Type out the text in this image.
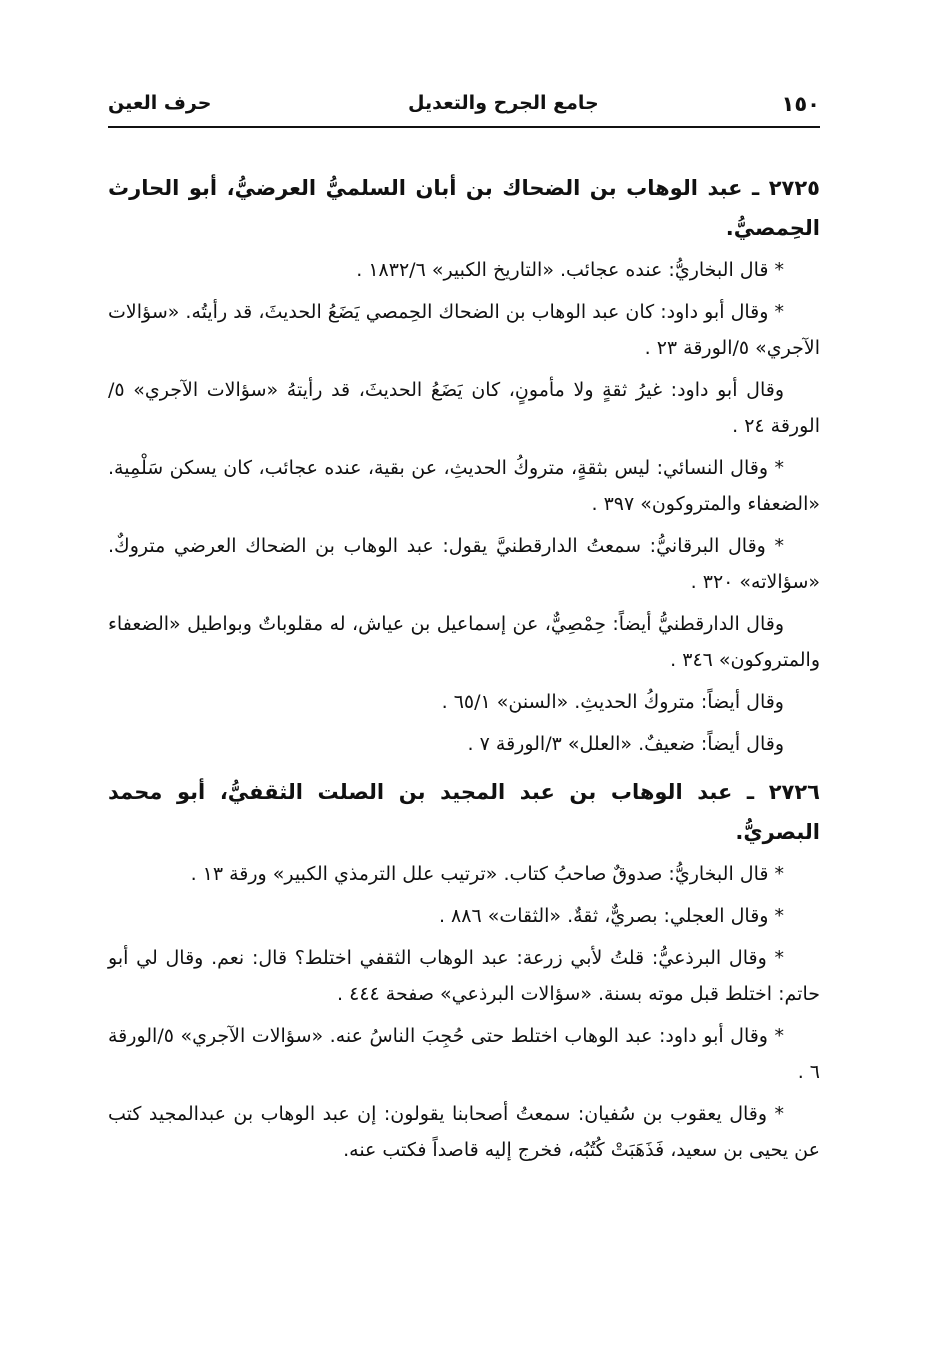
١٥٠
جامع الجرح والتعديل
حرف العين

٢٧٢٥ ـ عبد الوهاب بن الضحاك بن أبان السلميُّ العرضيُّ، أبو الحارث الحِمصيُّ.

* قال البخاريُّ: عنده عجائب. «التاريخ الكبير» ١٨٣٢/٦ .

* وقال أبو داود: كان عبد الوهاب بن الضحاك الحِمصي يَضَعُ الحديثَ، قد رأيتُه. «سؤالات الآجري» ٥/الورقة ٢٣ .

وقال أبو داود: غيرُ ثقةٍ ولا مأمونٍ، كان يَضَعُ الحديثَ، قد رأيتهُ «سؤالات الآجري» ٥/الورقة ٢٤ .

* وقال النسائي: ليس بثقةٍ، متروكُ الحديثِ، عن بقية، عنده عجائب، كان يسكن سَلْمِية. «الضعفاء والمتروكون» ٣٩٧ .

* وقال البرقانيُّ: سمعتُ الدارقطنيَّ يقول: عبد الوهاب بن الضحاك العرضي متروكٌ. «سؤالاته» ٣٢٠ .

وقال الدارقطنيُّ أيضاً: حِمْصِيٌّ، عن إسماعيل بن عياش، له مقلوباتٌ وبواطيل «الضعفاء والمتروكون» ٣٤٦ .

وقال أيضاً: متروكُ الحديثِ. «السنن» ٦٥/١ .

وقال أيضاً: ضعيفٌ. «العلل» ٣/الورقة ٧ .

٢٧٢٦ ـ عبد الوهاب بن عبد المجيد بن الصلت الثقفيُّ، أبو محمد البصريُّ.

* قال البخاريُّ: صدوقٌ صاحبُ كتاب. «ترتيب علل الترمذي الكبير» ورقة ١٣ .

* وقال العجلي: بصريٌّ، ثقةٌ. «الثقات» ٨٨٦ .

* وقال البرذعيُّ: قلتُ لأبي زرعة: عبد الوهاب الثقفي اختلط؟ قال: نعم. وقال لي أبو حاتم: اختلط قبل موته بسنة. «سؤالات البرذعي» صفحة ٤٤٤ .

* وقال أبو داود: عبد الوهاب اختلط حتى حُجِبَ الناسُ عنه. «سؤالات الآجري» ٥/الورقة ٦ .

* وقال يعقوب بن سُفيان: سمعتُ أصحابنا يقولون: إن عبد الوهاب بن عبدالمجيد كتب عن يحيى بن سعيد، فَذَهَبَتْ كُتُبُه، فخرج إليه قاصداً فكتب عنه.
